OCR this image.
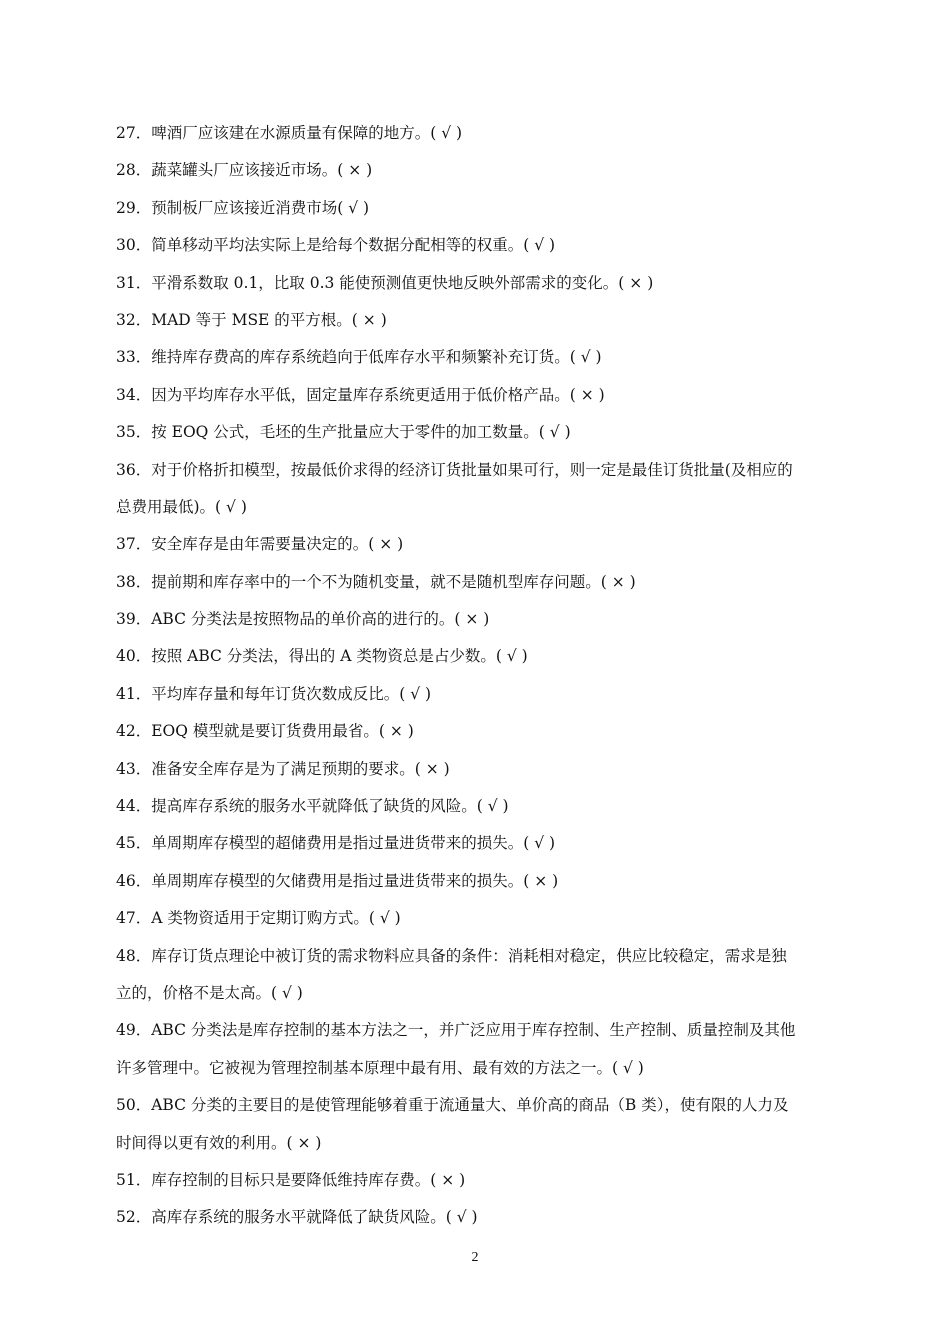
27．啤酒厂应该建在水源质量有保障的地方。( √ )
28．蔬菜罐头厂应该接近市场。( × )
29．预制板厂应该接近消费市场( √ )
30．简单移动平均法实际上是给每个数据分配相等的权重。( √ )
31．平滑系数取 0.1，比取 0.3 能使预测值更快地反映外部需求的变化。( × )
32．MAD 等于 MSE 的平方根。( × )
33．维持库存费高的库存系统趋向于低库存水平和频繁补充订货。( √ )
34．因为平均库存水平低，固定量库存系统更适用于低价格产品。( × )
35．按 EOQ 公式，毛坯的生产批量应大于零件的加工数量。( √ )
36．对于价格折扣模型，按最低价求得的经济订货批量如果可行，则一定是最佳订货批量(及相应的
总费用最低)。( √ )
37．安全库存是由年需要量决定的。( × )
38．提前期和库存率中的一个不为随机变量，就不是随机型库存问题。( × )
39．ABC 分类法是按照物品的单价高的进行的。( × )
40．按照 ABC 分类法，得出的 A 类物资总是占少数。( √ )
41．平均库存量和每年订货次数成反比。( √ )
42．EOQ 模型就是要订货费用最省。( × )
43．准备安全库存是为了满足预期的要求。( × )
44．提高库存系统的服务水平就降低了缺货的风险。( √ )
45．单周期库存模型的超储费用是指过量进货带来的损失。( √ )
46．单周期库存模型的欠储费用是指过量进货带来的损失。( × )
47．A 类物资适用于定期订购方式。( √ )
48．库存订货点理论中被订货的需求物料应具备的条件：消耗相对稳定，供应比较稳定，需求是独
立的，价格不是太高。( √ )
49．ABC 分类法是库存控制的基本方法之一，并广泛应用于库存控制、生产控制、质量控制及其他
许多管理中。它被视为管理控制基本原理中最有用、最有效的方法之一。( √ )
50．ABC 分类的主要目的是使管理能够着重于流通量大、单价高的商品（B 类），使有限的人力及
时间得以更有效的利用。( × )
51．库存控制的目标只是要降低维持库存费。( × )
52．高库存系统的服务水平就降低了缺货风险。( √ )
2
